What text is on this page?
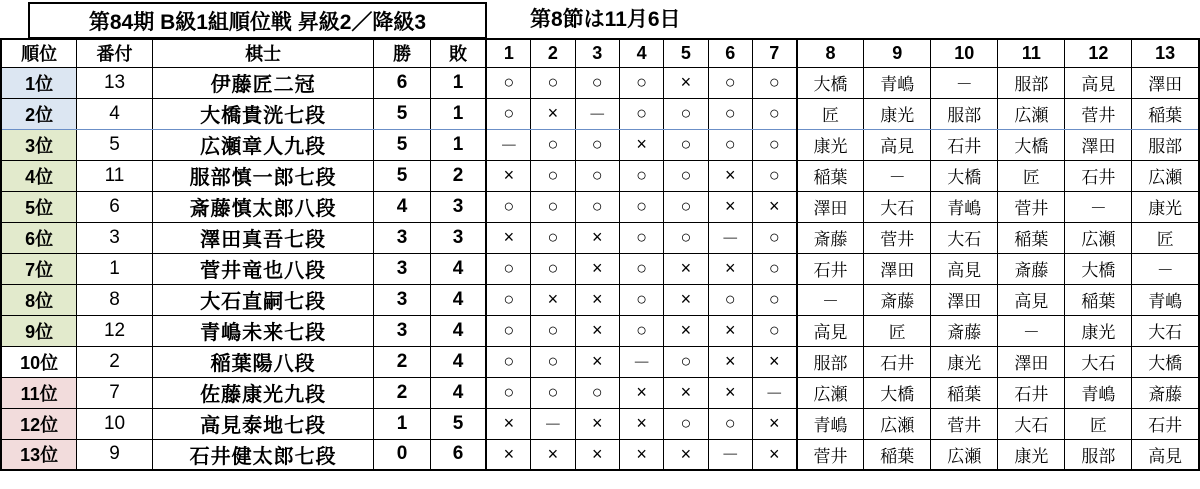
第84期 B級1組順位戦 昇級2／降級3	第8節は11月6日
順位	番付	棋士	勝	敗	1	2	3	4	5	6	7	8	9	10	11	12	13
1位	13	伊藤匠二冠	6	1	○	○	○	○	×	○	○	大橋	青嶋	－	服部	高見	澤田
2位	4	大橋貴洸七段	5	1	○	×	－	○	○	○	○	匠	康光	服部	広瀬	菅井	稲葉
3位	5	広瀬章人九段	5	1	－	○	○	×	○	○	○	康光	高見	石井	大橋	澤田	服部
4位	11	服部慎一郎七段	5	2	×	○	○	○	○	×	○	稲葉	－	大橋	匠	石井	広瀬
5位	6	斎藤慎太郎八段	4	3	○	○	○	○	○	×	×	澤田	大石	青嶋	菅井	－	康光
6位	3	澤田真吾七段	3	3	×	○	×	○	○	－	○	斎藤	菅井	大石	稲葉	広瀬	匠
7位	1	菅井竜也八段	3	4	○	○	×	○	×	×	○	石井	澤田	高見	斎藤	大橋	－
8位	8	大石直嗣七段	3	4	○	×	×	○	×	○	○	－	斎藤	澤田	高見	稲葉	青嶋
9位	12	青嶋未来七段	3	4	○	○	×	○	×	×	○	高見	匠	斎藤	－	康光	大石
10位	2	稲葉陽八段	2	4	○	○	×	－	○	×	×	服部	石井	康光	澤田	大石	大橋
11位	7	佐藤康光九段	2	4	○	○	○	×	×	×	－	広瀬	大橋	稲葉	石井	青嶋	斎藤
12位	10	高見泰地七段	1	5	×	－	×	×	○	○	×	青嶋	広瀬	菅井	大石	匠	石井
13位	9	石井健太郎七段	0	6	×	×	×	×	×	－	×	菅井	稲葉	広瀬	康光	服部	高見
